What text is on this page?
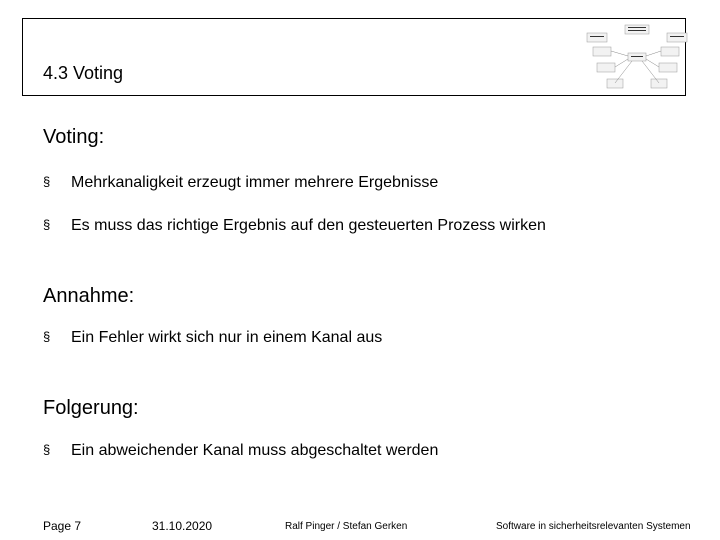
4.3 Voting
Voting:
§ Mehrkanaligkeit erzeugt immer mehrere Ergebnisse
§ Es muss das richtige Ergebnis auf den gesteuerten Prozess wirken
Annahme:
§ Ein Fehler wirkt sich nur in einem Kanal aus
Folgerung:
§ Ein abweichender Kanal muss abgeschaltet werden
Page 7	31.10.2020	Ralf Pinger / Stefan Gerken	Software in sicherheitsrelevanten Systemen
